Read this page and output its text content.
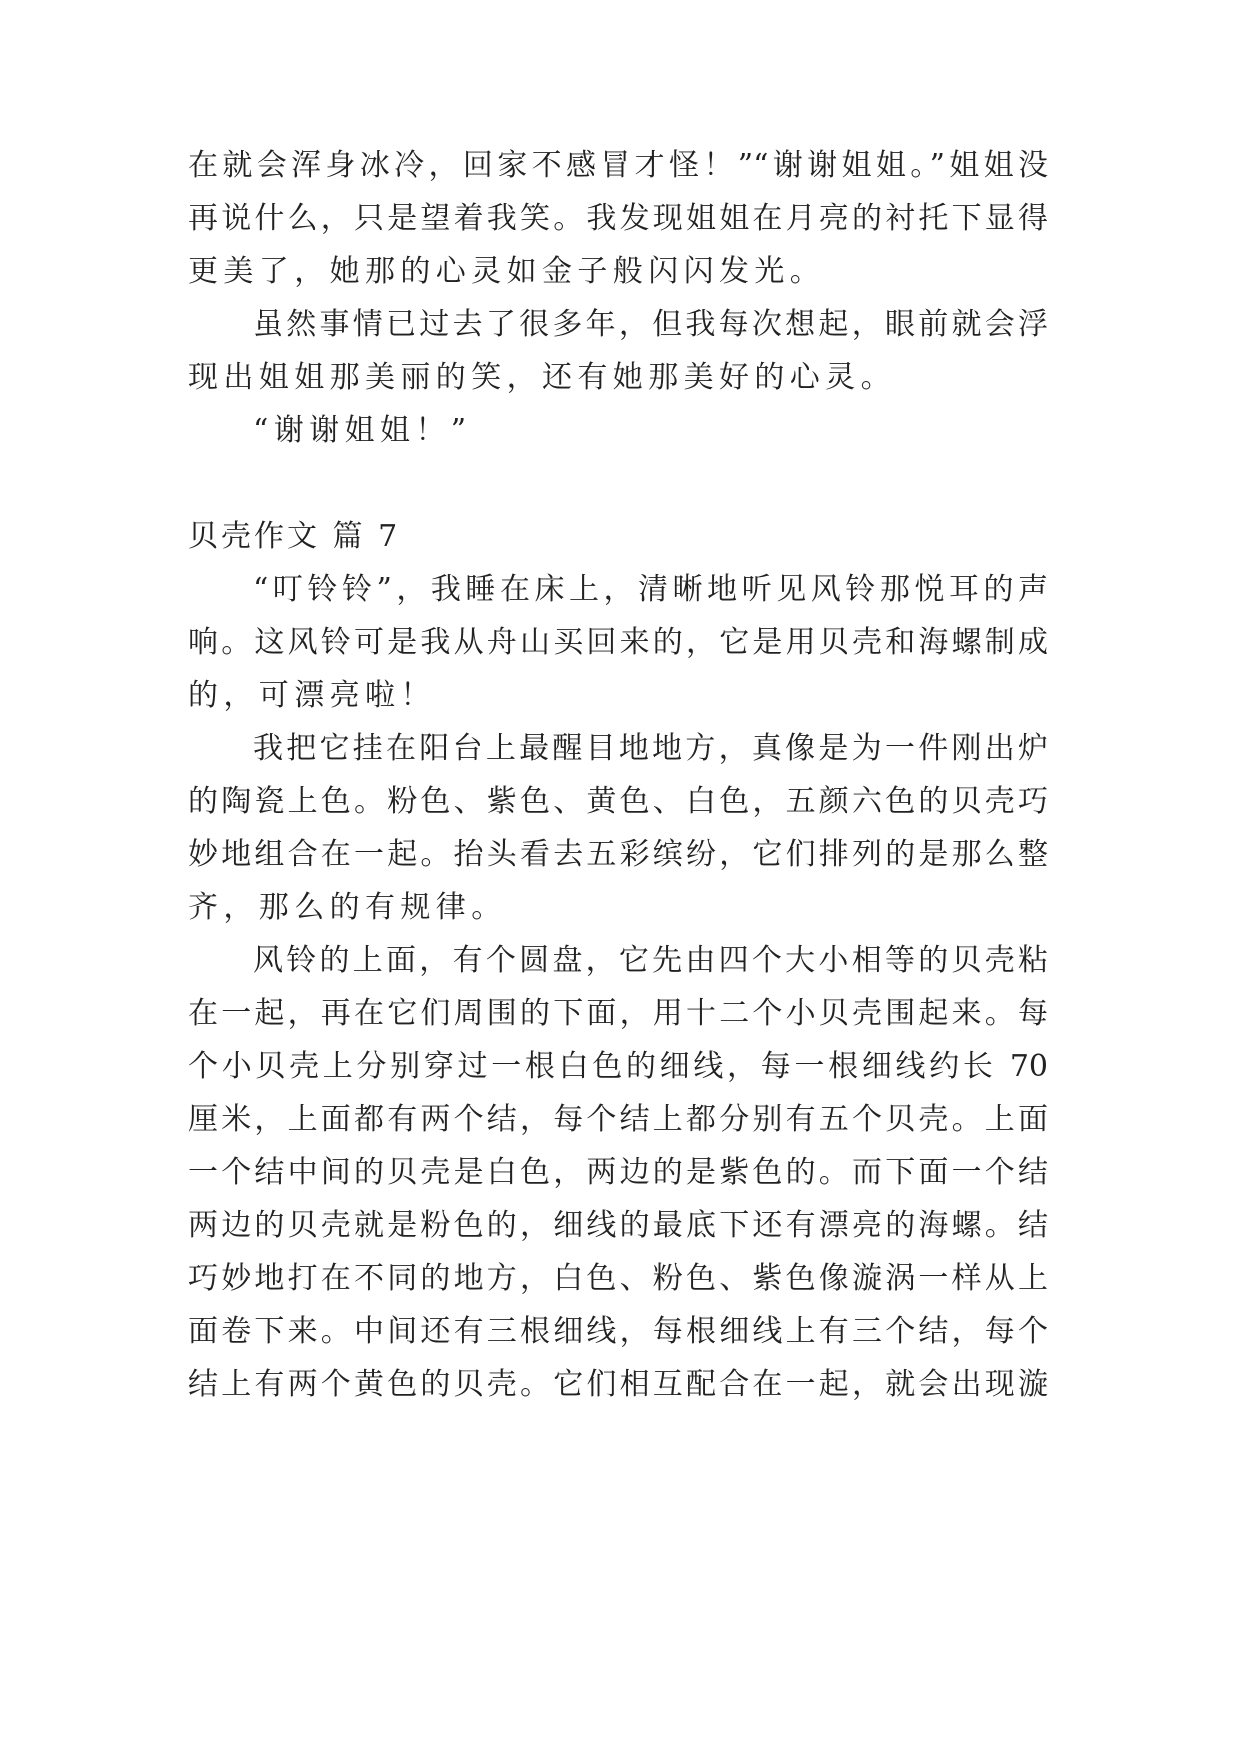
在就会浑身冰冷，回家不感冒才怪！”“谢谢姐姐。”姐姐没
再说什么，只是望着我笑。我发现姐姐在月亮的衬托下显得
更美了，她那的心灵如金子般闪闪发光。
虽然事情已过去了很多年，但我每次想起，眼前就会浮
现出姐姐那美丽的笑，还有她那美好的心灵。
“谢谢姐姐！”
贝壳作文 篇 7
“叮铃铃”，我睡在床上，清晰地听见风铃那悦耳的声
响。这风铃可是我从舟山买回来的，它是用贝壳和海螺制成
的，可漂亮啦！
我把它挂在阳台上最醒目地地方，真像是为一件刚出炉
的陶瓷上色。粉色、紫色、黄色、白色，五颜六色的贝壳巧
妙地组合在一起。抬头看去五彩缤纷，它们排列的是那么整
齐，那么的有规律。
风铃的上面，有个圆盘，它先由四个大小相等的贝壳粘
在一起，再在它们周围的下面，用十二个小贝壳围起来。每
个小贝壳上分别穿过一根白色的细线，每一根细线约长 70
厘米，上面都有两个结，每个结上都分别有五个贝壳。上面
一个结中间的贝壳是白色，两边的是紫色的。而下面一个结
两边的贝壳就是粉色的，细线的最底下还有漂亮的海螺。结
巧妙地打在不同的地方，白色、粉色、紫色像漩涡一样从上
面卷下来。中间还有三根细线，每根细线上有三个结，每个
结上有两个黄色的贝壳。它们相互配合在一起，就会出现漩
